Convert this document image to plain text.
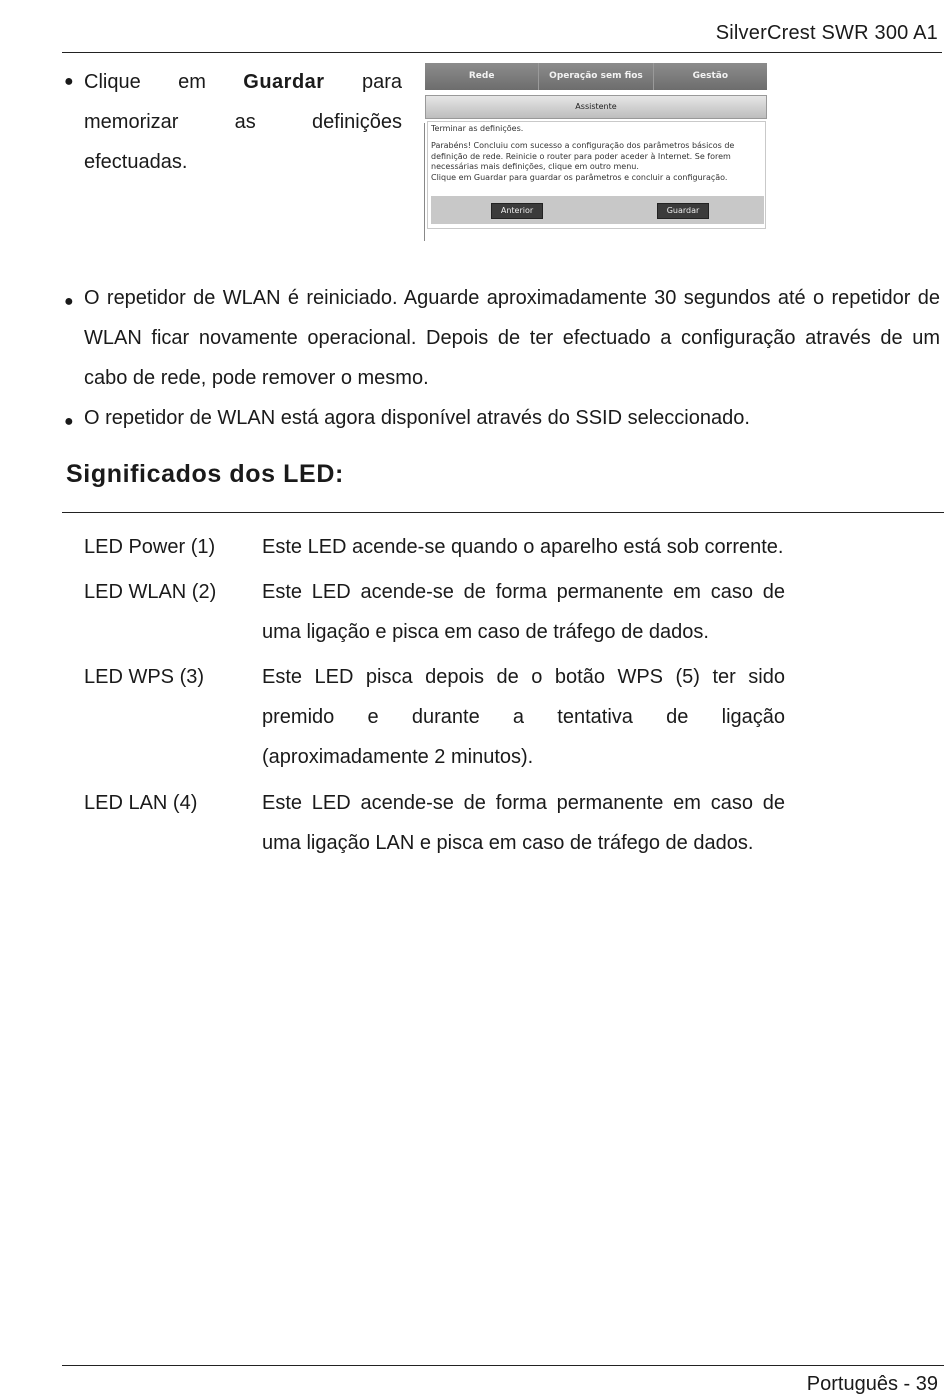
SilverCrest SWR 300 A1
● Clique em Guardar para memorizar as definições efectuadas.
Rede	Operação sem fios	Gestão
Assistente
Terminar as definições.
Parabéns! Concluiu com sucesso a configuração dos parâmetros básicos de
definição de rede. Reinicie o router para poder aceder à Internet. Se forem
necessárias mais definições, clique em outro menu.
Clique em Guardar para guardar os parâmetros e concluir a configuração.
Anterior	Guardar
● O repetidor de WLAN é reiniciado. Aguarde aproximadamente 30 segundos até o repetidor de WLAN ficar novamente operacional. Depois de ter efectuado a configuração através de um cabo de rede, pode remover o mesmo.
● O repetidor de WLAN está agora disponível através do SSID seleccionado.
Significados dos LED:
LED Power (1) Este LED acende-se quando o aparelho está sob corrente.
LED WLAN (2) Este LED acende-se de forma permanente em caso de uma ligação e pisca em caso de tráfego de dados.
LED WPS (3)	Este LED pisca depois de o botão WPS (5) ter sido premido e durante a tentativa de ligação (aproximadamente 2 minutos).
LED LAN (4)	Este LED acende-se de forma permanente em caso de uma ligação LAN e pisca em caso de tráfego de dados.
Português - 39
